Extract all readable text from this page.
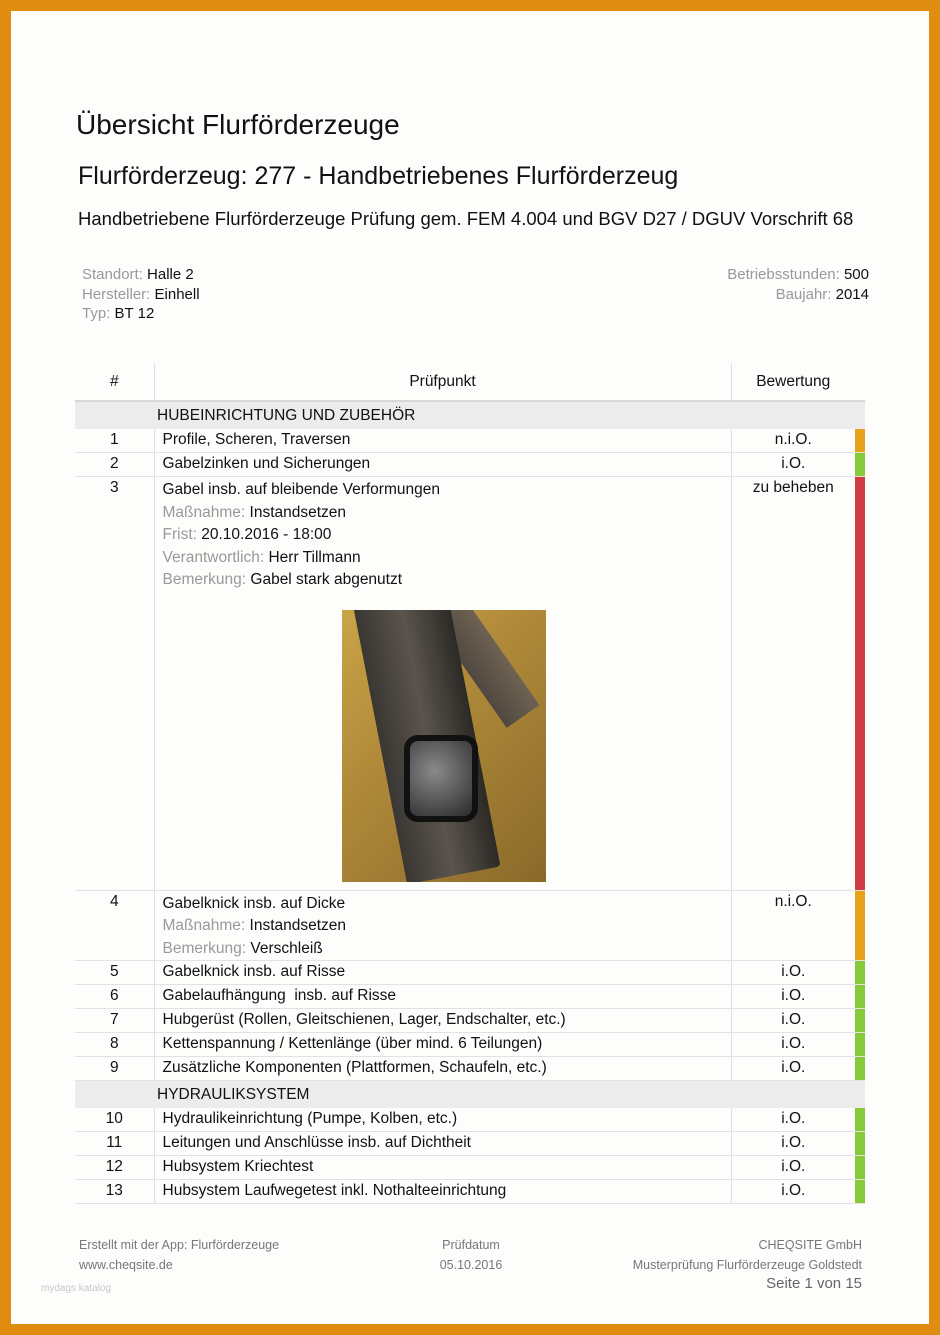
Übersicht Flurförderzeuge
Flurförderzeug: 277 - Handbetriebenes Flurförderzeug
Handbetriebene Flurförderzeuge Prüfung gem. FEM 4.004 und BGV D27 / DGUV Vorschrift 68
Standort: Halle 2
Hersteller: Einhell
Typ: BT 12
Betriebsstunden: 500
Baujahr: 2014
#	Prüfpunkt	Bewertung	
	HUBEINRICHTUNG UND ZUBEHÖR		
1	Profile, Scheren, Traversen	n.i.O.	
2	Gabelzinken und Sicherungen	i.O.	
3	Gabel insb. auf bleibende Verformungen
Maßnahme: Instandsetzen
Frist: 20.10.2016 - 18:00
Verantwortlich: Herr Tillmann
Bemerkung: Gabel stark abgenutzt	zu beheben	
4	Gabelknick insb. auf Dicke
Maßnahme: Instandsetzen
Bemerkung: Verschleiß	n.i.O.	
5	Gabelknick insb. auf Risse	i.O.	
6	Gabelaufhängung  insb. auf Risse	i.O.	
7	Hubgerüst (Rollen, Gleitschienen, Lager, Endschalter, etc.)	i.O.	
8	Kettenspannung / Kettenlänge (über mind. 6 Teilungen)	i.O.	
9	Zusätzliche Komponenten (Plattformen, Schaufeln, etc.)	i.O.	
	HYDRAULIKSYSTEM		
10	Hydraulikeinrichtung (Pumpe, Kolben, etc.)	i.O.	
11	Leitungen und Anschlüsse insb. auf Dichtheit	i.O.	
12	Hubsystem Kriechtest	i.O.	
13	Hubsystem Laufwegetest inkl. Nothalteeinrichtung	i.O.	
Erstellt mit der App: Flurförderzeuge
www.cheqsite.de
Prüfdatum
05.10.2016
CHEQSITE GmbH
Musterprüfung Flurförderzeuge Goldstedt
Seite 1 von 15
mydags katalog
